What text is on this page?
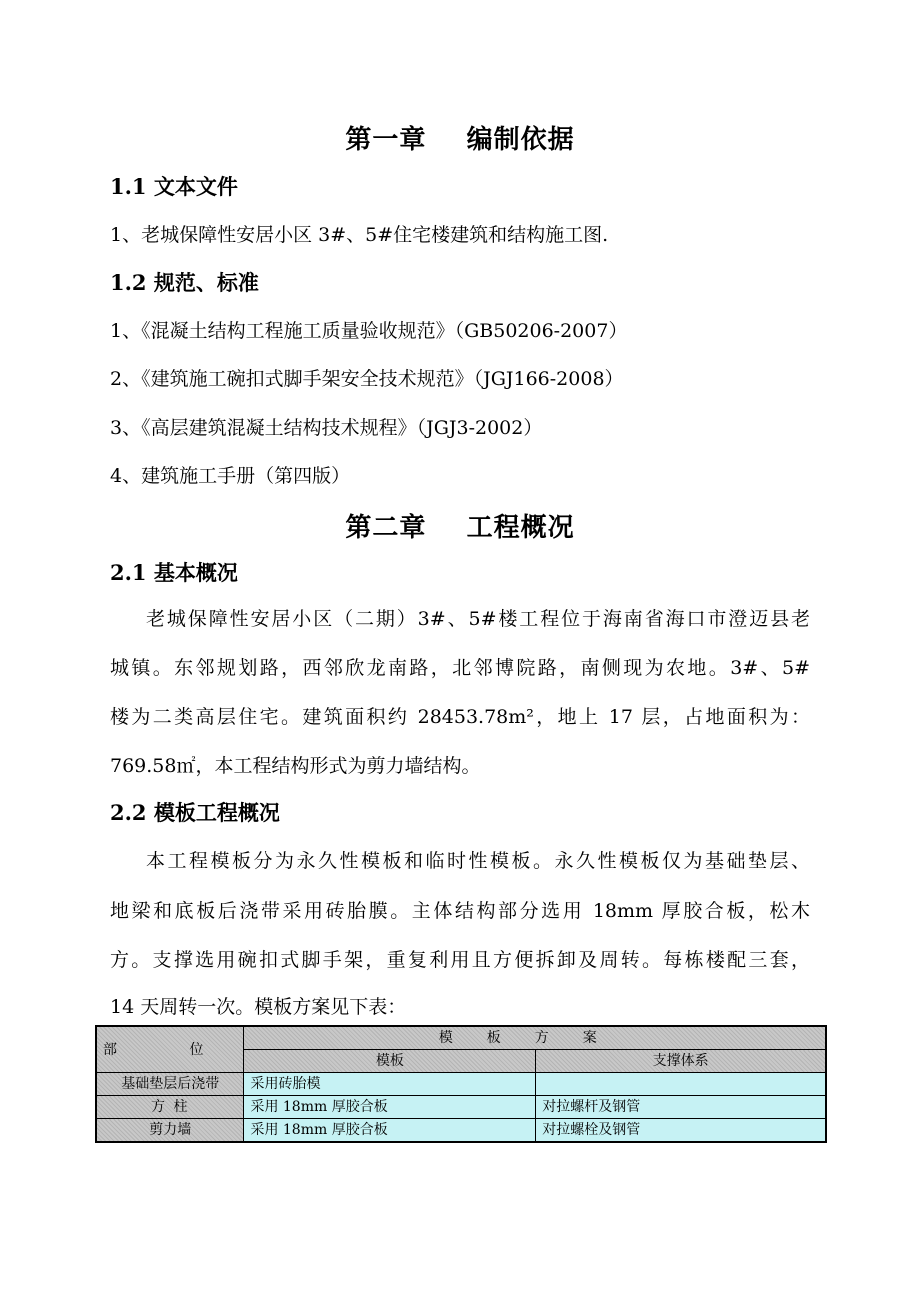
第一章    编制依据
1.1 文本文件
1、老城保障性安居小区 3#、5#住宅楼建筑和结构施工图.
1.2 规范、标准
1、《混凝土结构工程施工质量验收规范》（GB50206-2007）
2、《建筑施工碗扣式脚手架安全技术规范》（JGJ166-2008）
3、《高层建筑混凝土结构技术规程》（JGJ3-2002）
4、建筑施工手册（第四版）
第二章    工程概况
2.1 基本概况
老城保障性安居小区（二期）3#、5#楼工程位于海南省海口市澄迈县老
城镇。东邻规划路，西邻欣龙南路，北邻博院路，南侧现为农地。3#、5#
楼为二类高层住宅。建筑面积约 28453.78m²，地上 17 层，占地面积为：
769.58㎡，本工程结构形式为剪力墙结构。
2.2 模板工程概况
本工程模板分为永久性模板和临时性模板。永久性模板仅为基础垫层、
地梁和底板后浇带采用砖胎膜。主体结构部分选用 18mm 厚胶合板，松木
方。支撑选用碗扣式脚手架，重复利用且方便拆卸及周转。每栋楼配三套，
14 天周转一次。模板方案见下表：
部 位	模板方案	
	模板	支撑体系
基础垫层后浇带	采用砖胎模	
方 柱	采用 18mm 厚胶合板	对拉螺杆及钢管
剪力墙	采用 18mm 厚胶合板	对拉螺栓及钢管
